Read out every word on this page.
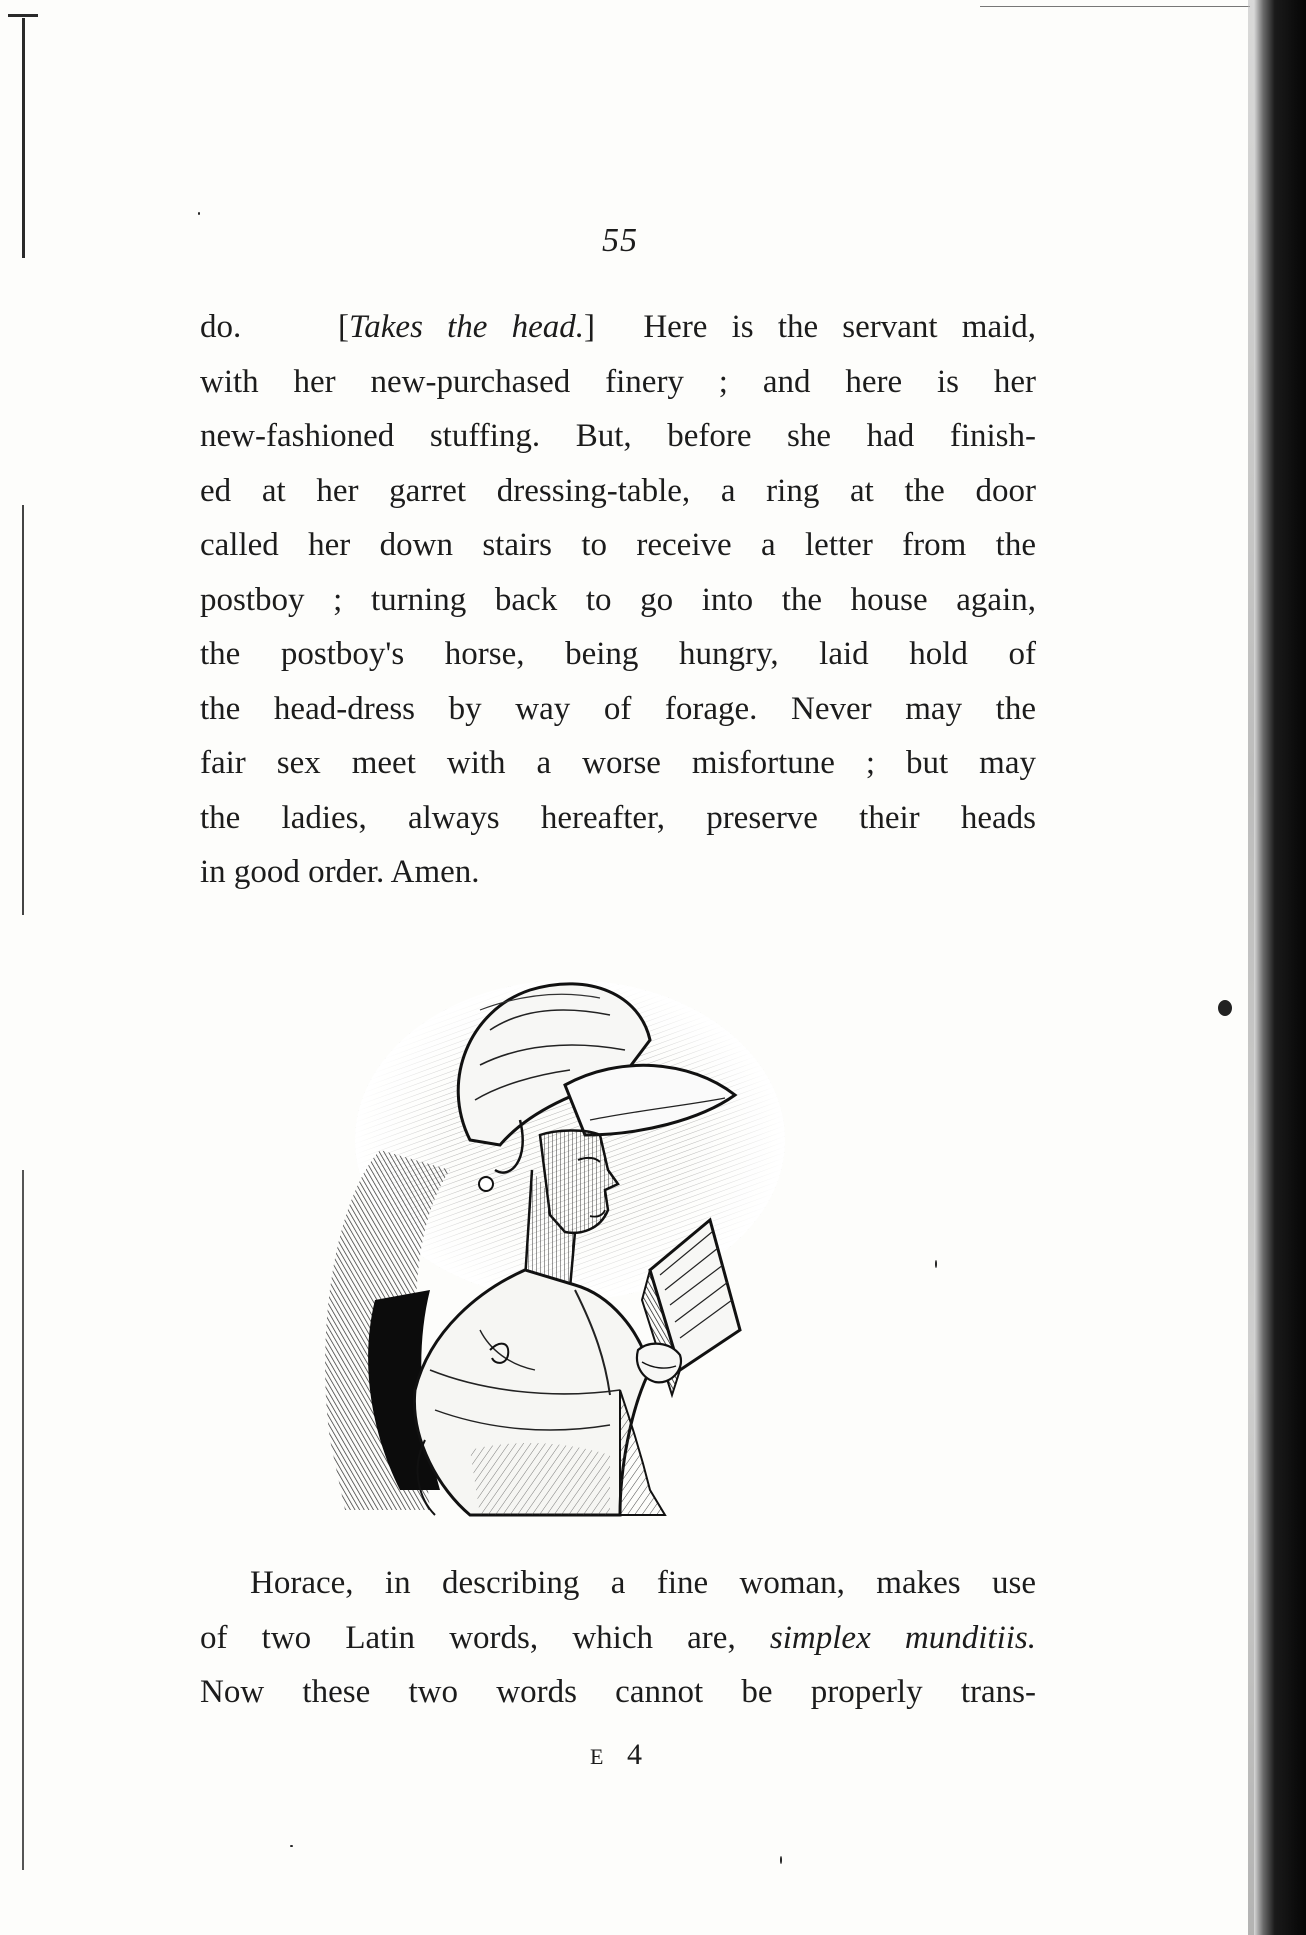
55
do.	[Takes the head.] Here is the servant maid,
with her new-purchased finery ; and here is her
new-fashioned stuffing. But, before she had finish-
ed at her garret dressing-table, a ring at the door
called her down stairs to receive a letter from the
postboy ; turning back to go into the house again,
the postboy's horse, being hungry, laid hold of
the head-dress by way of forage. Never may the
fair sex meet with a worse misfortune ; but may
the ladies, always hereafter, preserve their heads
in good order. Amen.
Horace, in describing a fine woman, makes use
of two Latin words, which are, simplex munditiis.
Now these two words cannot be properly trans-
E 4
